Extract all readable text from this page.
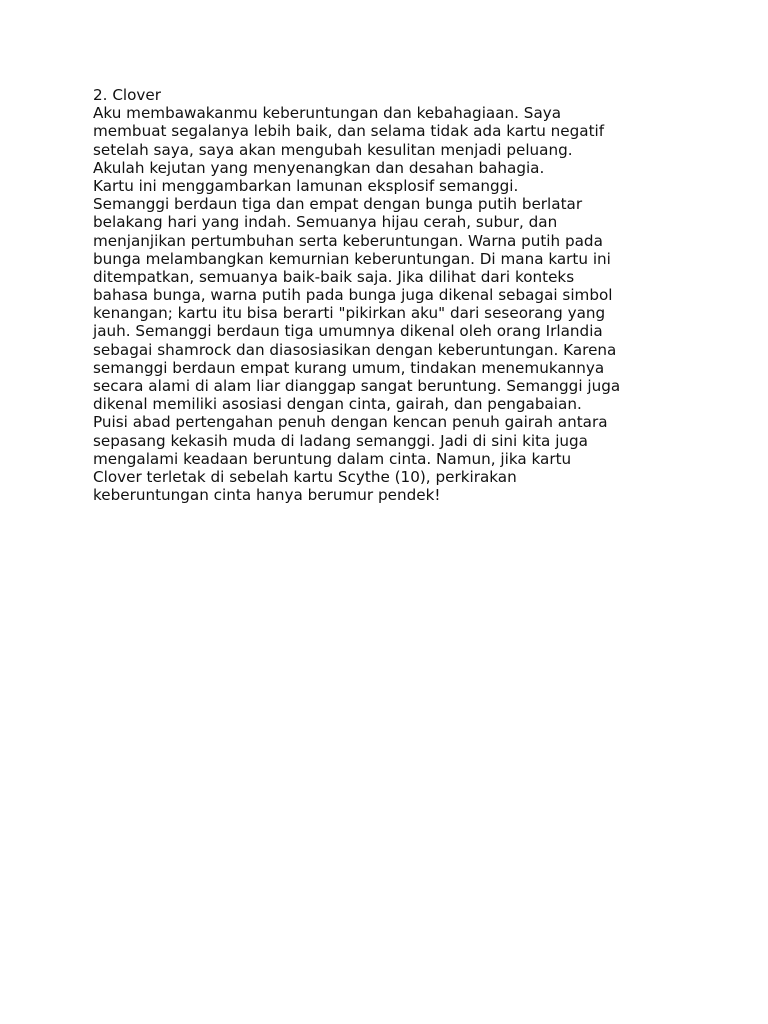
2. Clover
Aku membawakanmu keberuntungan dan kebahagiaan. Saya
membuat segalanya lebih baik, dan selama tidak ada kartu negatif
setelah saya, saya akan mengubah kesulitan menjadi peluang.
Akulah kejutan yang menyenangkan dan desahan bahagia.
Kartu ini menggambarkan lamunan eksplosif semanggi.
Semanggi berdaun tiga dan empat dengan bunga putih berlatar
belakang hari yang indah. Semuanya hijau cerah, subur, dan
menjanjikan pertumbuhan serta keberuntungan. Warna putih pada
bunga melambangkan kemurnian keberuntungan. Di mana kartu ini
ditempatkan, semuanya baik-baik saja. Jika dilihat dari konteks
bahasa bunga, warna putih pada bunga juga dikenal sebagai simbol
kenangan; kartu itu bisa berarti "pikirkan aku" dari seseorang yang
jauh. Semanggi berdaun tiga umumnya dikenal oleh orang Irlandia
sebagai shamrock dan diasosiasikan dengan keberuntungan. Karena
semanggi berdaun empat kurang umum, tindakan menemukannya
secara alami di alam liar dianggap sangat beruntung. Semanggi juga
dikenal memiliki asosiasi dengan cinta, gairah, dan pengabaian.
Puisi abad pertengahan penuh dengan kencan penuh gairah antara
sepasang kekasih muda di ladang semanggi. Jadi di sini kita juga
mengalami keadaan beruntung dalam cinta. Namun, jika kartu
Clover terletak di sebelah kartu Scythe (10), perkirakan
keberuntungan cinta hanya berumur pendek!
